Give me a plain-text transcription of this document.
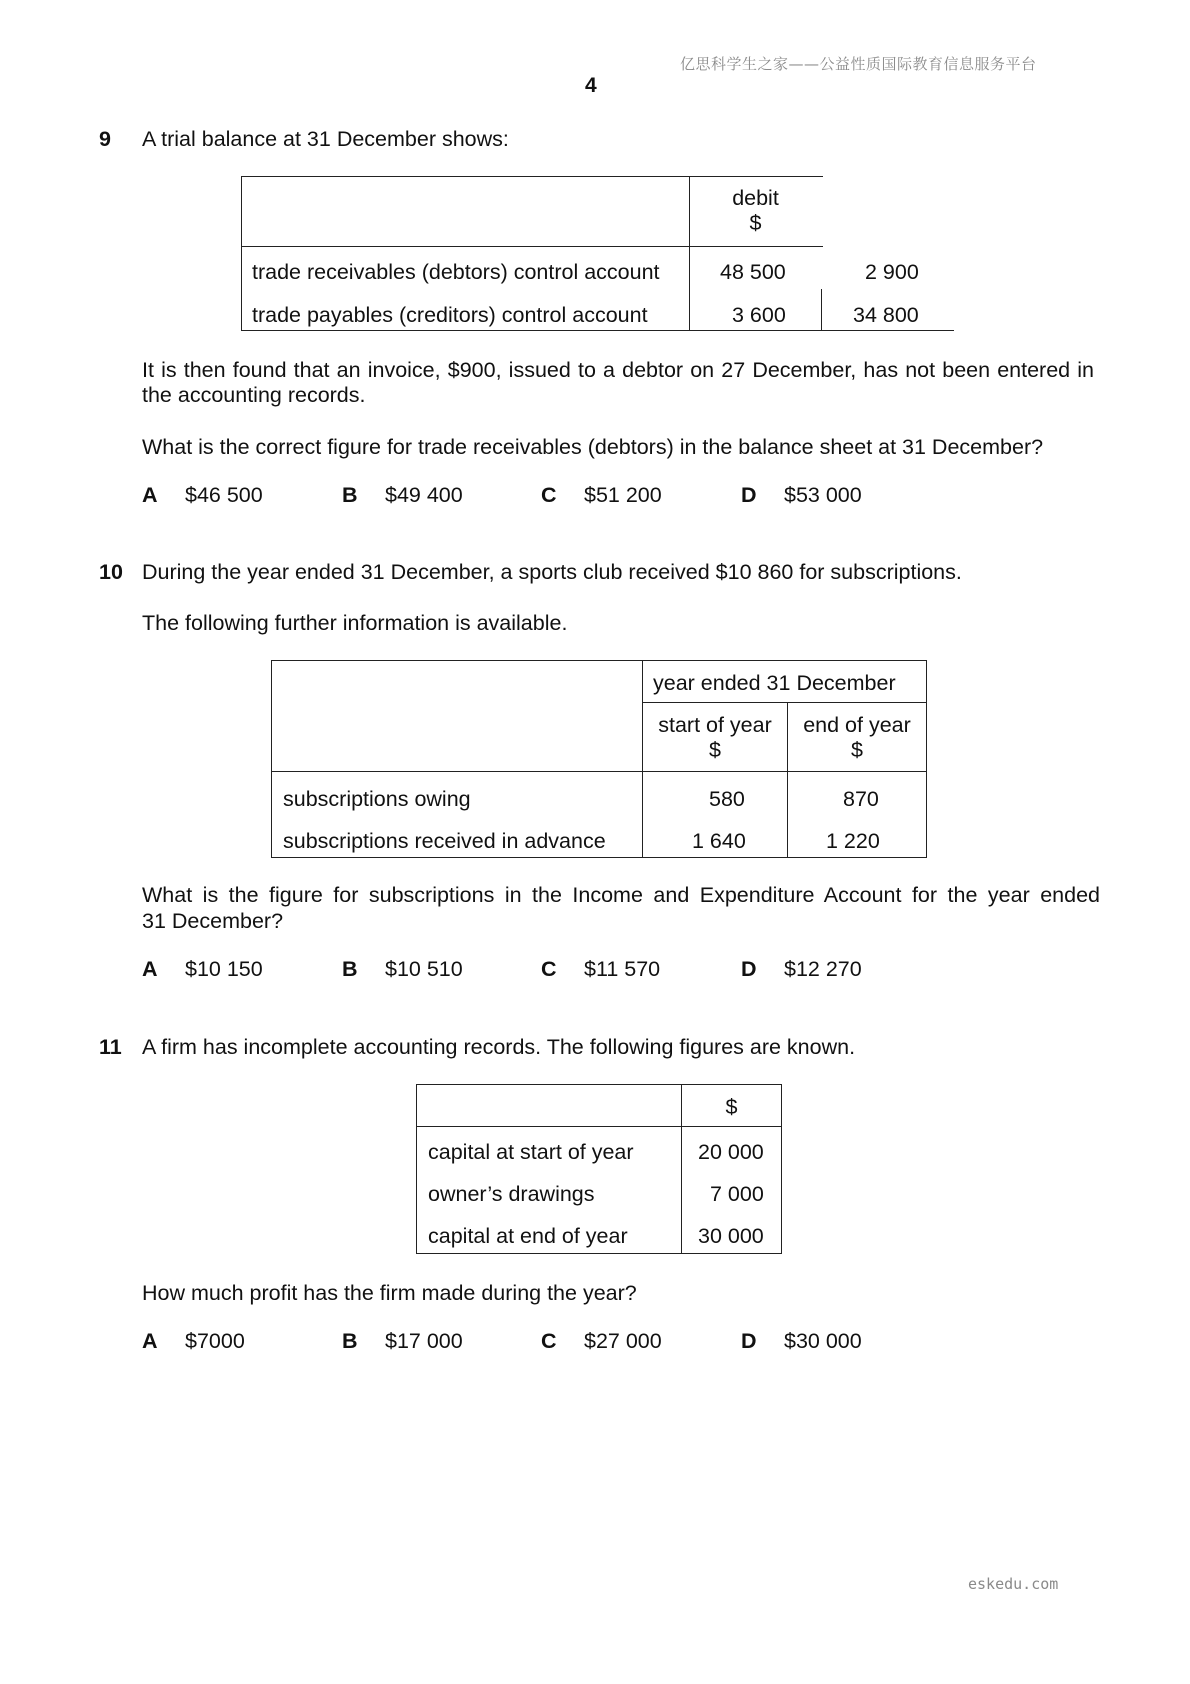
亿思科学生之家——公益性质国际教育信息服务平台
4
9 A trial balance at 31 December shows:
debit
$
trade receivables (debtors) control account	48 500	2 900
trade payables (creditors) control account	3 600	34 800
It is then found that an invoice, $900, issued to a debtor on 27 December, has not been entered in the accounting records.
What is the correct figure for trade receivables (debtors) in the balance sheet at 31 December?
A $46 500	B $49 400	C $51 200	D $53 000
10 During the year ended 31 December, a sports club received $10 860 for subscriptions.
The following further information is available.
year ended 31 December
start of year
$
end of year
$
subscriptions owing	580	870
subscriptions received in advance	1 640	1 220
What is the figure for subscriptions in the Income and Expenditure Account for the year ended
31 December?
A $10 150	B $10 510	C $11 570	D $12 270
11 A firm has incomplete accounting records. The following figures are known.
$
capital at start of year	20 000
owner’s drawings	7 000
capital at end of year	30 000
How much profit has the firm made during the year?
A $7000	B $17 000	C $27 000	D $30 000
eskedu.com
